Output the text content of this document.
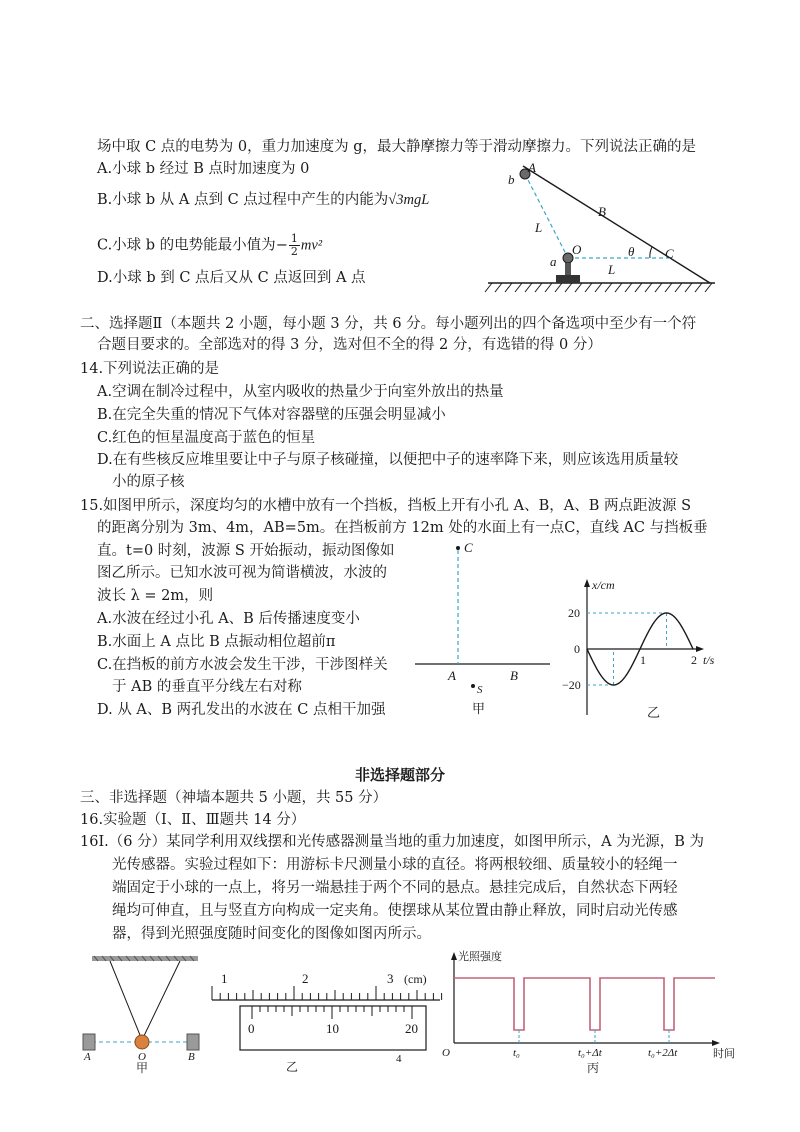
场中取 C 点的电势为 0，重力加速度为 g，最大静摩擦力等于滑动摩擦力。下列说法正确的是
A.小球 b 经过 B 点时加速度为 0
B.小球 b 从 A 点到 C 点过程中产生的内能为√3mgL
C.小球 b 的电势能最小值为− $\frac{1}{2} mv^2$
D.小球 b 到 C 点后又从 C 点返回到 A 点
A
b
B
L
O	θ C
a
L
二、选择题Ⅱ（本题共 2 小题，每小题 3 分，共 6 分。每小题列出的四个备选项中至少有一个符
合题目要求的。全部选对的得 3 分，选对但不全的得 2 分，有选错的得 0 分）
14.下列说法正确的是
A.空调在制冷过程中，从室内吸收的热量少于向室外放出的热量
B.在完全失重的情况下气体对容器壁的压强会明显减小
C.红色的恒星温度高于蓝色的恒星
D.在有些核反应堆里要让中子与原子核碰撞，以便把中子的速率降下来，则应该选用质量较
小的原子核
15.如图甲所示，深度均匀的水槽中放有一个挡板，挡板上开有小孔 A、B，A、B 两点距波源 S
的距离分别为 3m、4m，AB=5m。在挡板前方 12m 处的水面上有一点C，直线 AC 与挡板垂
直。t=0 时刻，波源 S 开始振动，振动图像如
图乙所示。已知水波可视为简谐横波，水波的
波长 λ = 2m，则
A.水波在经过小孔 A、B 后传播速度变小
B.水面上 A 点比 B 点振动相位超前π
C.在挡板的前方水波会发生干涉，干涉图样关
于 AB 的垂直平分线左右对称
D. 从 A、B 两孔发出的水波在 C 点相干加强
C
A	B
S
甲
x/cm
20
0
−20
1	2 t/s
乙
非选择题部分
三、非选择题（神墙本题共 5 小题，共 55 分）
16.实验题（Ⅰ、Ⅱ、Ⅲ题共 14 分）
16Ⅰ.（6 分）某同学利用双线摆和光传感器测量当地的重力加速度，如图甲所示，A 为光源，B 为
光传感器。实验过程如下：用游标卡尺测量小球的直径。将两根较细、质量较小的轻绳一
端固定于小球的一点上，将另一端悬挂于两个不同的悬点。悬挂完成后，自然状态下两轻
绳均可伸直，且与竖直方向构成一定夹角。使摆球从某位置由静止释放，同时启动光传感
器，得到光照强度随时间变化的图像如图丙所示。
A	O	B
甲
1	2	3 (cm)
0	10	20
乙
4
光照强度
O	t₀	t₀+Δt	t₀+2Δt	时间
丙
